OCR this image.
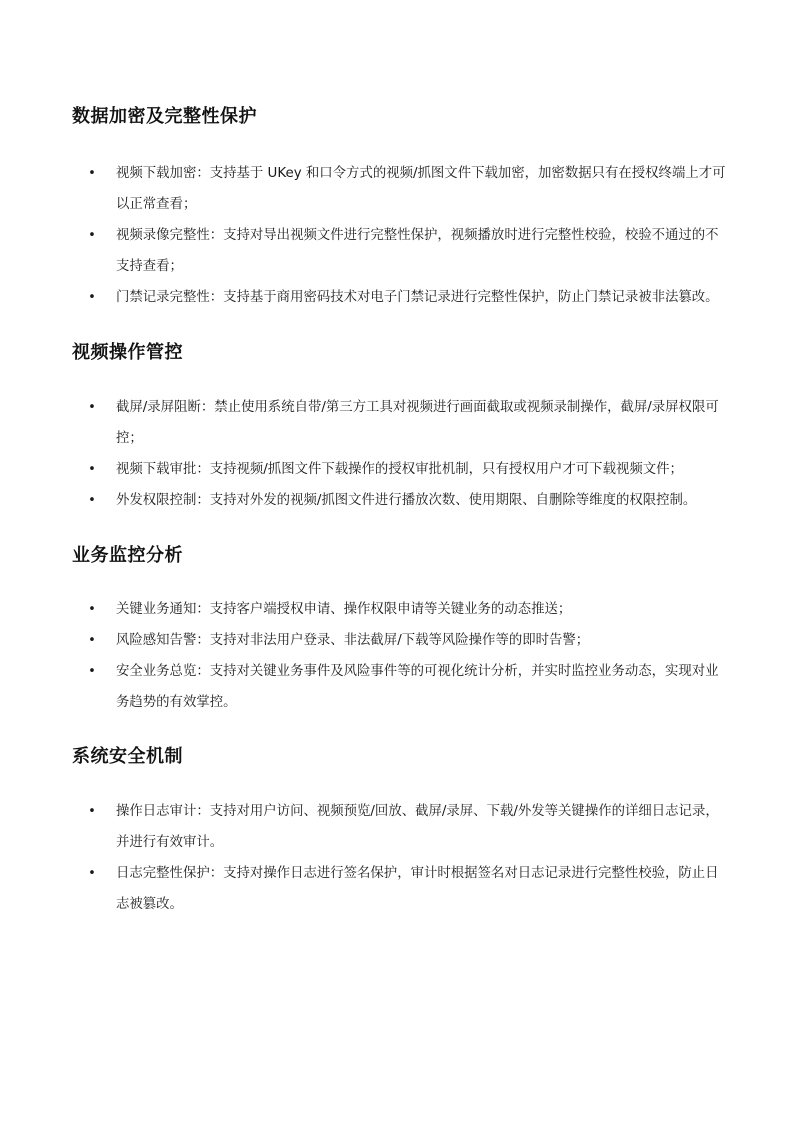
数据加密及完整性保护
• 视频下载加密：支持基于 UKey 和口令方式的视频/抓图文件下载加密，加密数据只有在授权终端上才可以正常查看；
• 视频录像完整性：支持对导出视频文件进行完整性保护，视频播放时进行完整性校验，校验不通过的不支持查看；
• 门禁记录完整性：支持基于商用密码技术对电子门禁记录进行完整性保护，防止门禁记录被非法篡改。
视频操作管控
• 截屏/录屏阻断：禁止使用系统自带/第三方工具对视频进行画面截取或视频录制操作，截屏/录屏权限可控；
• 视频下载审批：支持视频/抓图文件下载操作的授权审批机制，只有授权用户才可下载视频文件；
• 外发权限控制：支持对外发的视频/抓图文件进行播放次数、使用期限、自删除等维度的权限控制。
业务监控分析
• 关键业务通知：支持客户端授权申请、操作权限申请等关键业务的动态推送；
• 风险感知告警：支持对非法用户登录、非法截屏/下载等风险操作等的即时告警；
• 安全业务总览：支持对关键业务事件及风险事件等的可视化统计分析，并实时监控业务动态，实现对业务趋势的有效掌控。
系统安全机制
• 操作日志审计：支持对用户访问、视频预览/回放、截屏/录屏、下载/外发等关键操作的详细日志记录，并进行有效审计。
• 日志完整性保护：支持对操作日志进行签名保护，审计时根据签名对日志记录进行完整性校验，防止日志被篡改。
